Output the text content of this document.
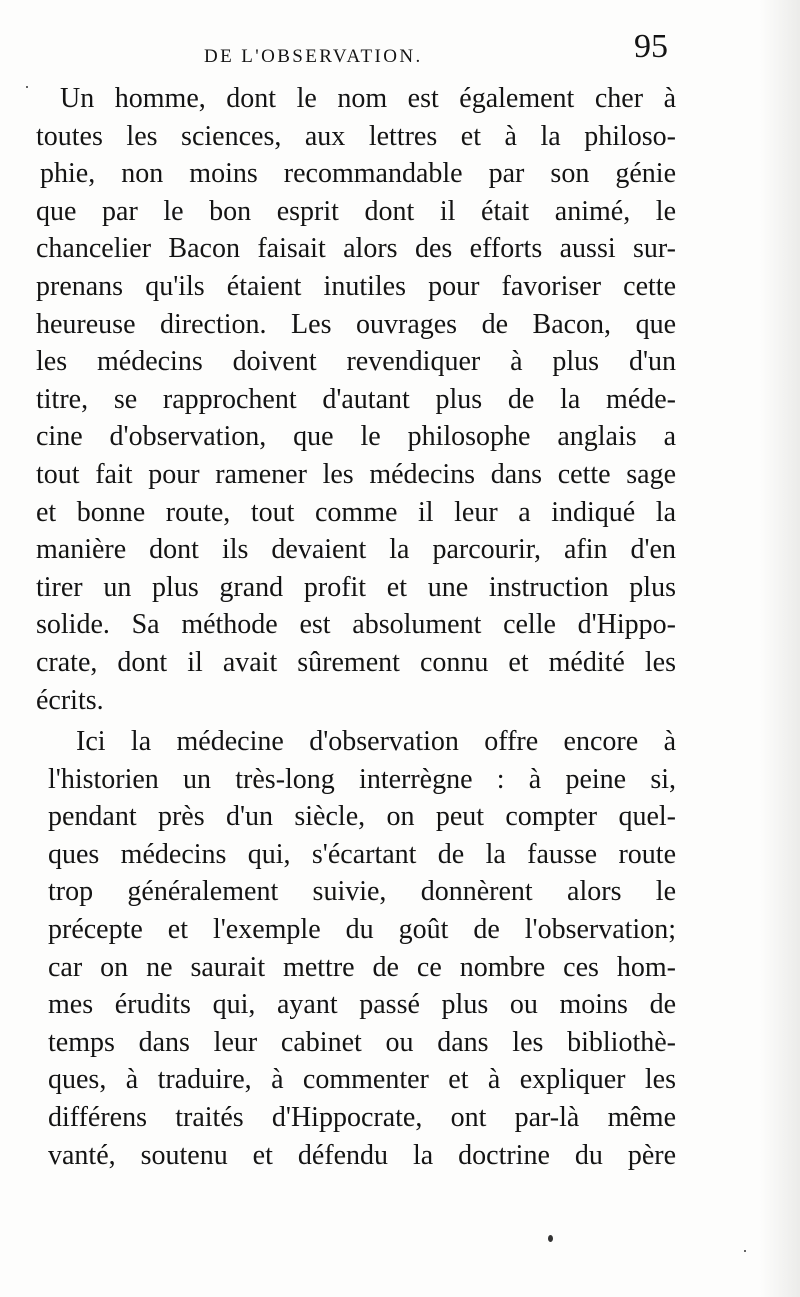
DE L'OBSERVATION.	95
Un homme, dont le nom est également cher à
toutes les sciences, aux lettres et à la philoso-
phie, non moins recommandable par son génie
que par le bon esprit dont il était animé, le
chancelier Bacon faisait alors des efforts aussi sur-
prenans qu'ils étaient inutiles pour favoriser cette
heureuse direction. Les ouvrages de Bacon, que
les médecins doivent revendiquer à plus d'un
titre, se rapprochent d'autant plus de la méde-
cine d'observation, que le philosophe anglais a
tout fait pour ramener les médecins dans cette sage
et bonne route, tout comme il leur a indiqué la
manière dont ils devaient la parcourir, afin d'en
tirer un plus grand profit et une instruction plus
solide. Sa méthode est absolument celle d'Hippo-
crate, dont il avait sûrement connu et médité les
écrits.
Ici la médecine d'observation offre encore à
l'historien un très-long interrègne : à peine si,
pendant près d'un siècle, on peut compter quel-
ques médecins qui, s'écartant de la fausse route
trop généralement suivie, donnèrent alors le
précepte et l'exemple du goût de l'observation;
car on ne saurait mettre de ce nombre ces hom-
mes érudits qui, ayant passé plus ou moins de
temps dans leur cabinet ou dans les bibliothè-
ques, à traduire, à commenter et à expliquer les
différens traités d'Hippocrate, ont par-là même
vanté, soutenu et défendu la doctrine du père
